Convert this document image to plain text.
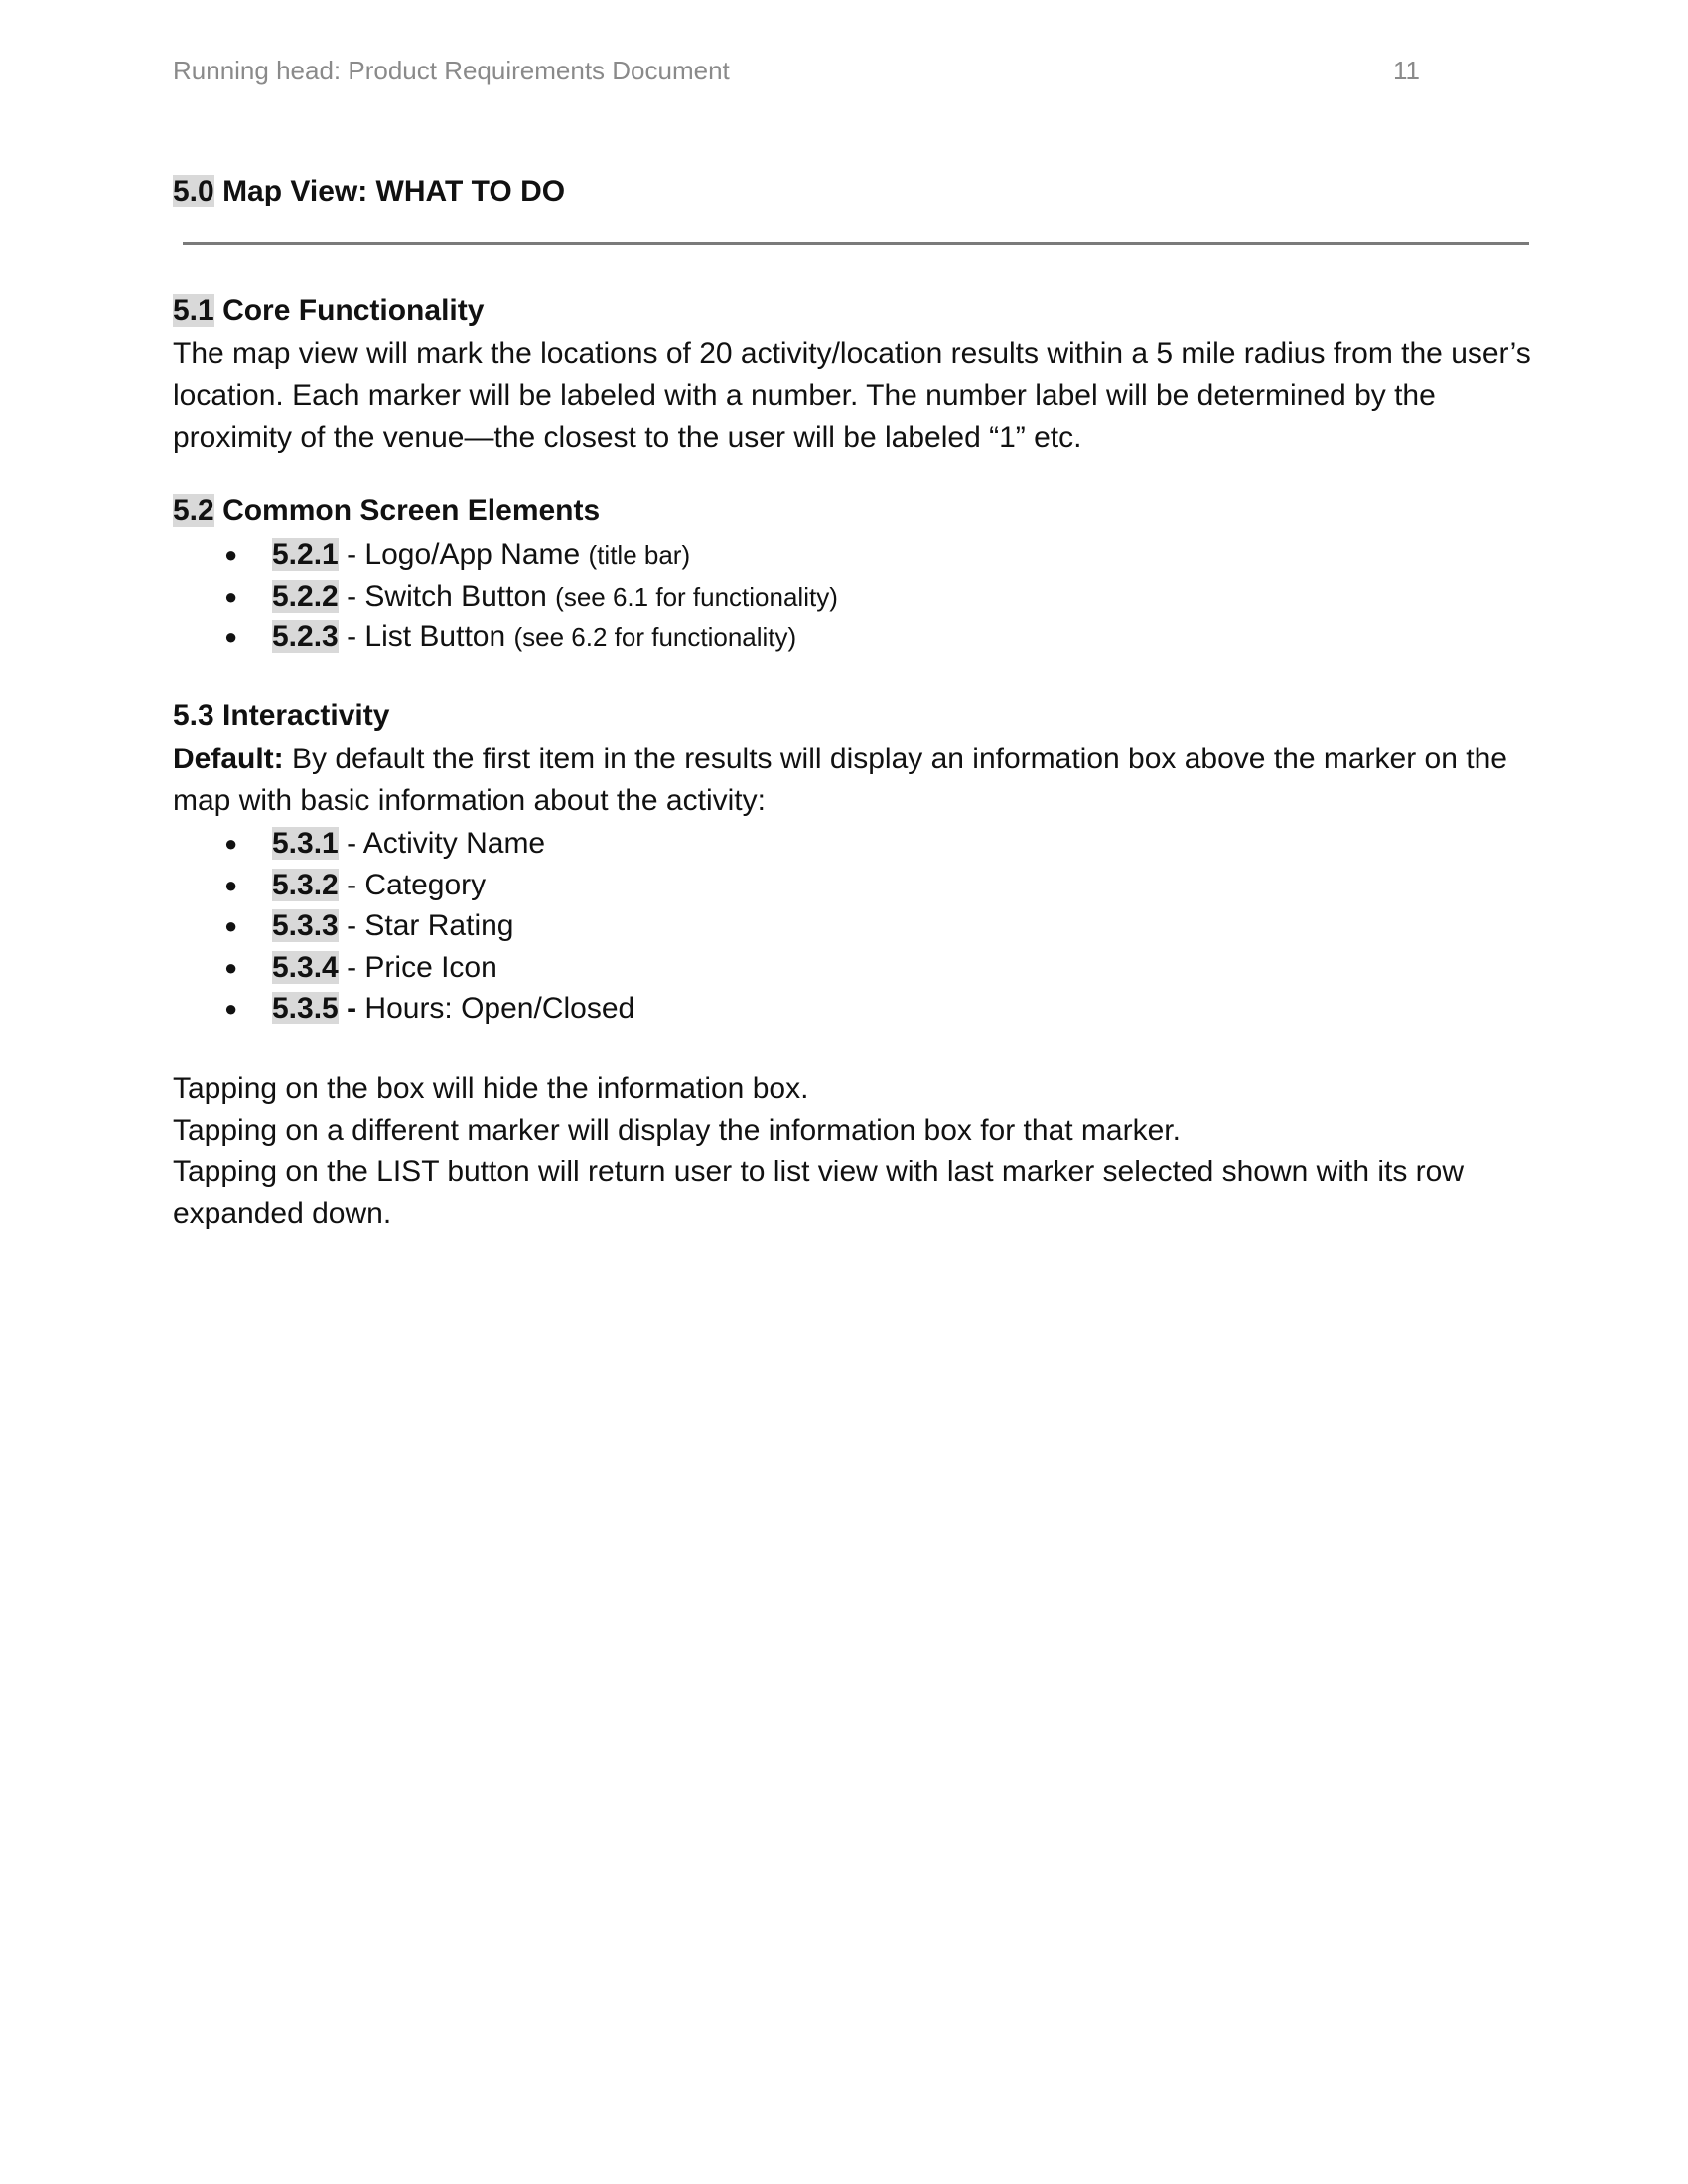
Running head: Product Requirements Document	11
5.0 Map View: WHAT TO DO
5.1 Core Functionality

The map view will mark the locations of 20 activity/location results within a 5 mile radius from the user’s location. Each marker will be labeled with a number. The number label will be determined by the proximity of the venue—the closest to the user will be labeled “1” etc.

5.2 Common Screen Elements
● 5.2.1 - Logo/App Name (title bar)
● 5.2.2 - Switch Button (see 6.1 for functionality)
● 5.2.3 - List Button (see 6.2 for functionality)
5.3 Interactivity

Default: By default the first item in the results will display an information box above the marker on the map with basic information about the activity:

● 5.3.1 - Activity Name
● 5.3.2 - Category
● 5.3.3 - Star Rating
● 5.3.4 - Price Icon
● 5.3.5 - Hours: Open/Closed
Tapping on the box will hide the information box.
Tapping on a different marker will display the information box for that marker.
Tapping on the LIST button will return user to list view with last marker selected shown with its row
expanded down.
